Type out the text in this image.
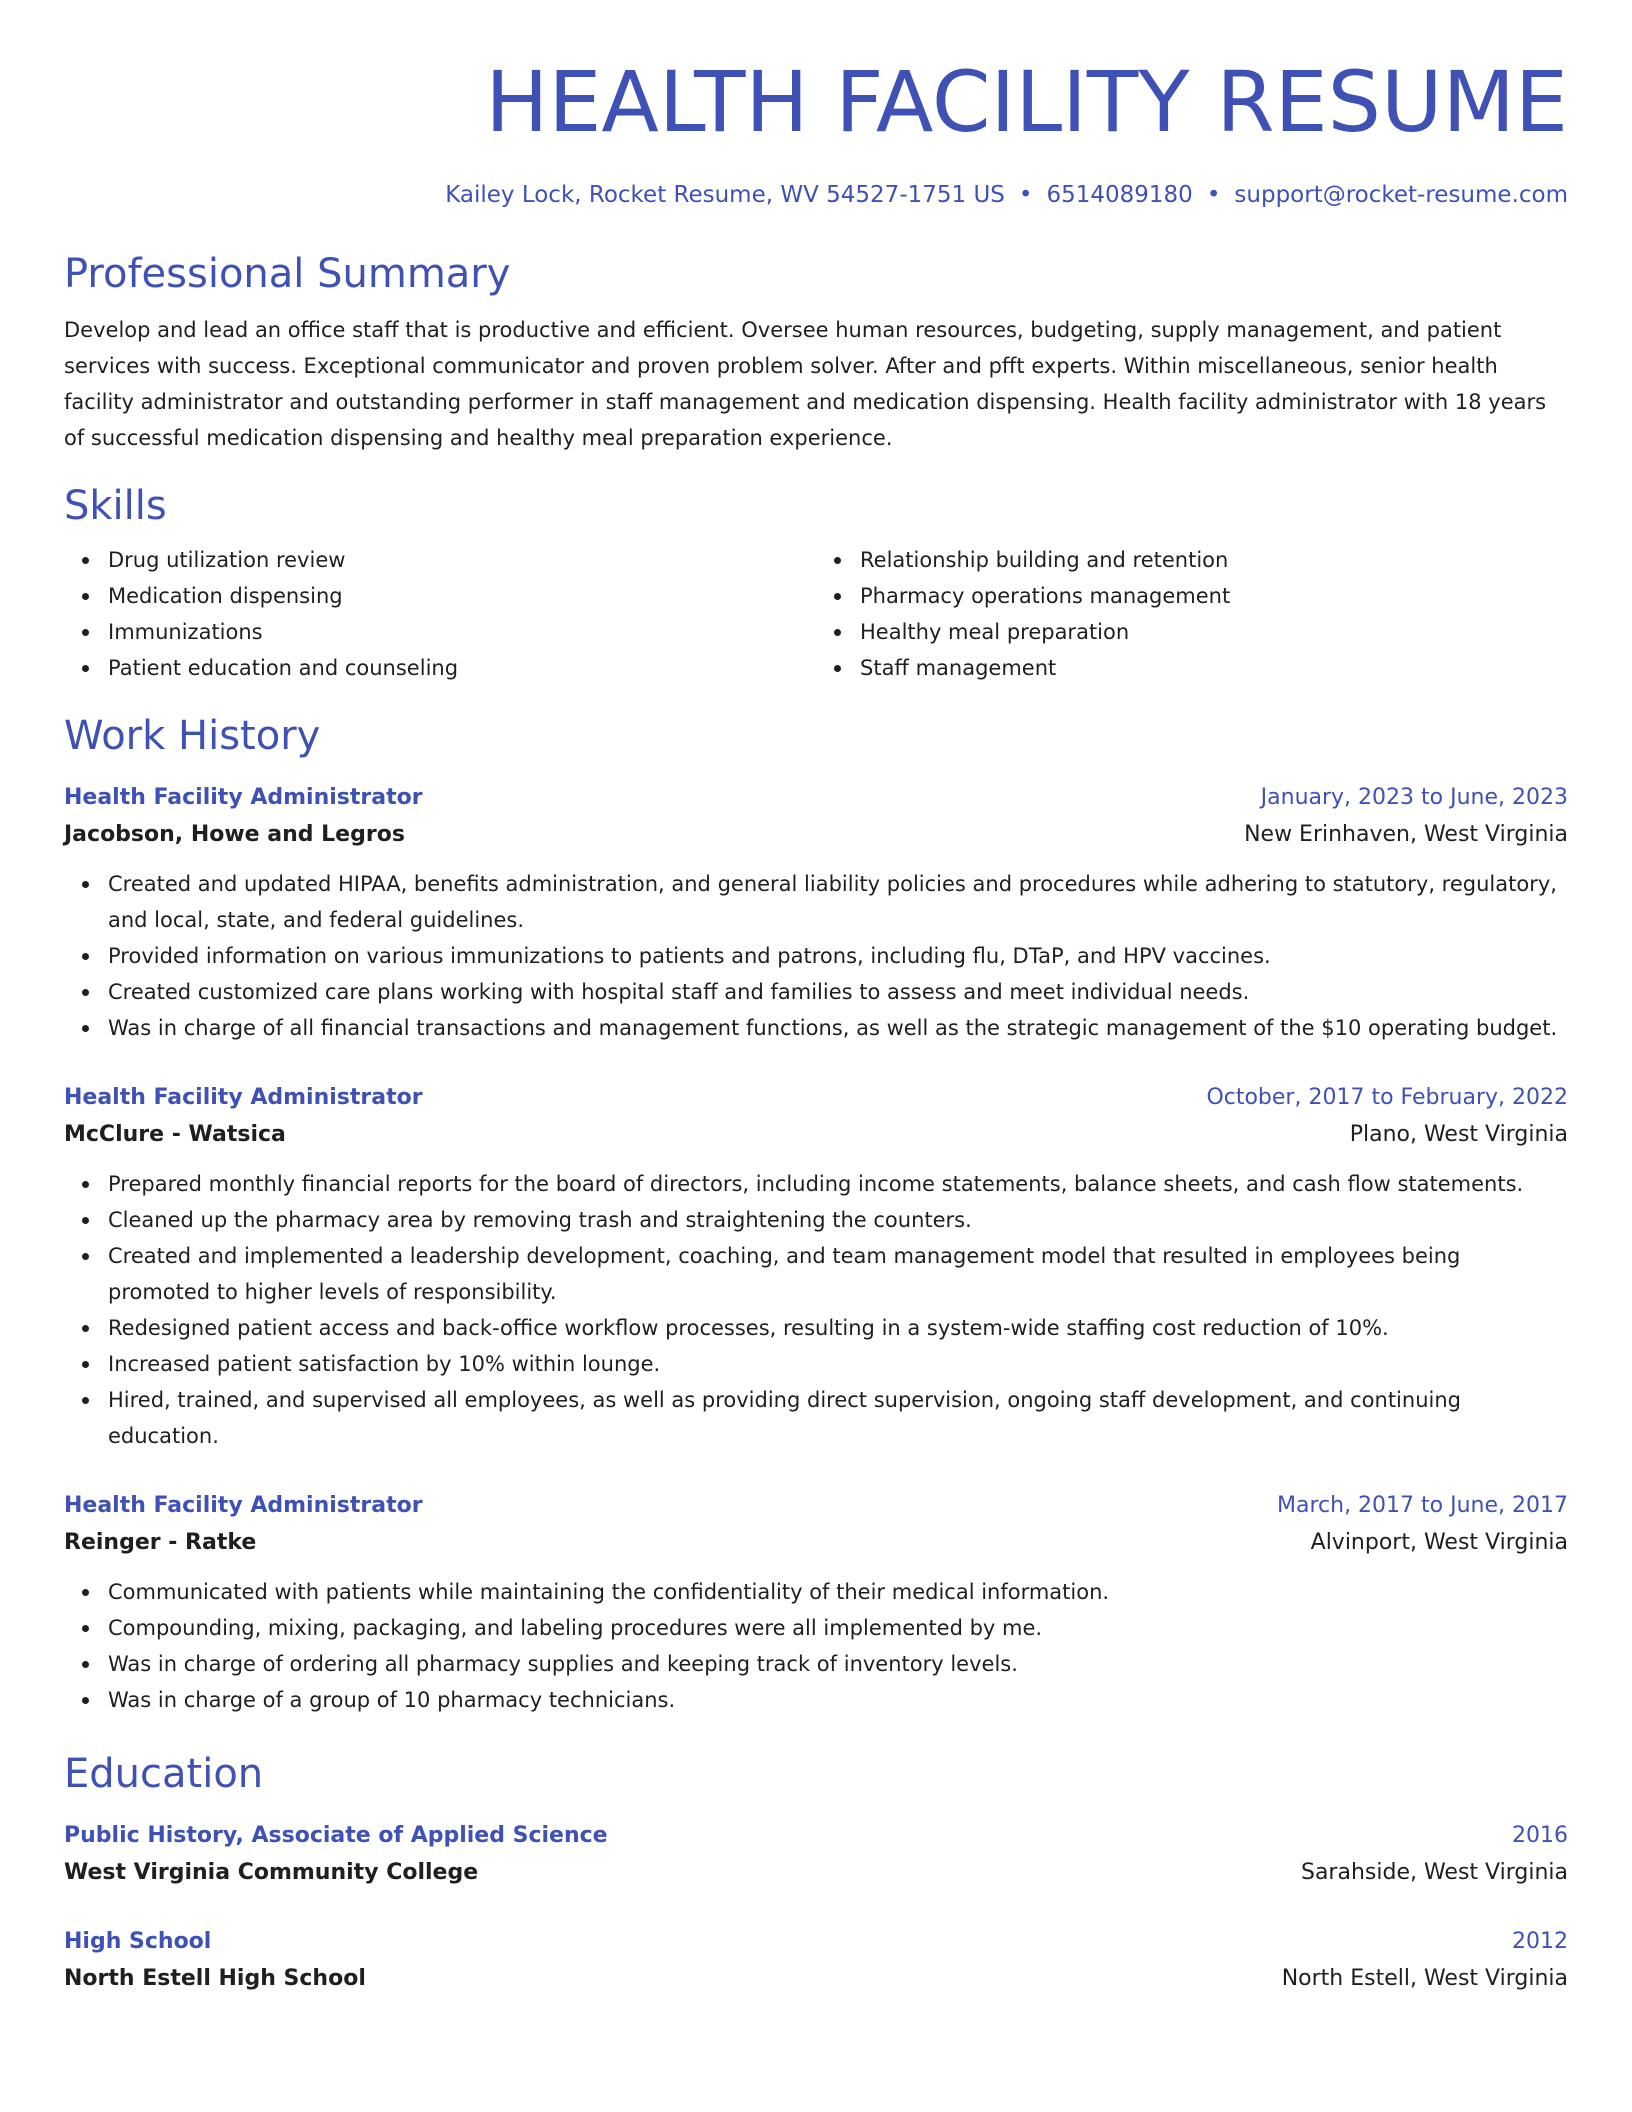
HEALTH FACILITY RESUME
Kailey Lock, Rocket Resume, WV 54527-1751 US • 6514089180 • support@rocket-resume.com
Professional Summary
Develop and lead an office staff that is productive and efficient. Oversee human resources, budgeting, supply management, and patient services with success. Exceptional communicator and proven problem solver. After and pfft experts. Within miscellaneous, senior health facility administrator and outstanding performer in staff management and medication dispensing. Health facility administrator with 18 years of successful medication dispensing and healthy meal preparation experience.
Skills
Drug utilization review
Medication dispensing
Immunizations
Patient education and counseling
Relationship building and retention
Pharmacy operations management
Healthy meal preparation
Staff management
Work History
Health Facility Administrator	January, 2023 to June, 2023
Jacobson, Howe and Legros	New Erinhaven, West Virginia
Created and updated HIPAA, benefits administration, and general liability policies and procedures while adhering to statutory, regulatory, and local, state, and federal guidelines.
Provided information on various immunizations to patients and patrons, including flu, DTaP, and HPV vaccines.
Created customized care plans working with hospital staff and families to assess and meet individual needs.
Was in charge of all financial transactions and management functions, as well as the strategic management of the $10 operating budget.
Health Facility Administrator	October, 2017 to February, 2022
McClure - Watsica	Plano, West Virginia
Prepared monthly financial reports for the board of directors, including income statements, balance sheets, and cash flow statements.
Cleaned up the pharmacy area by removing trash and straightening the counters.
Created and implemented a leadership development, coaching, and team management model that resulted in employees being promoted to higher levels of responsibility.
Redesigned patient access and back-office workflow processes, resulting in a system-wide staffing cost reduction of 10%.
Increased patient satisfaction by 10% within lounge.
Hired, trained, and supervised all employees, as well as providing direct supervision, ongoing staff development, and continuing education.
Health Facility Administrator	March, 2017 to June, 2017
Reinger - Ratke	Alvinport, West Virginia
Communicated with patients while maintaining the confidentiality of their medical information.
Compounding, mixing, packaging, and labeling procedures were all implemented by me.
Was in charge of ordering all pharmacy supplies and keeping track of inventory levels.
Was in charge of a group of 10 pharmacy technicians.
Education
Public History, Associate of Applied Science	2016
West Virginia Community College	Sarahside, West Virginia
High School	2012
North Estell High School	North Estell, West Virginia
